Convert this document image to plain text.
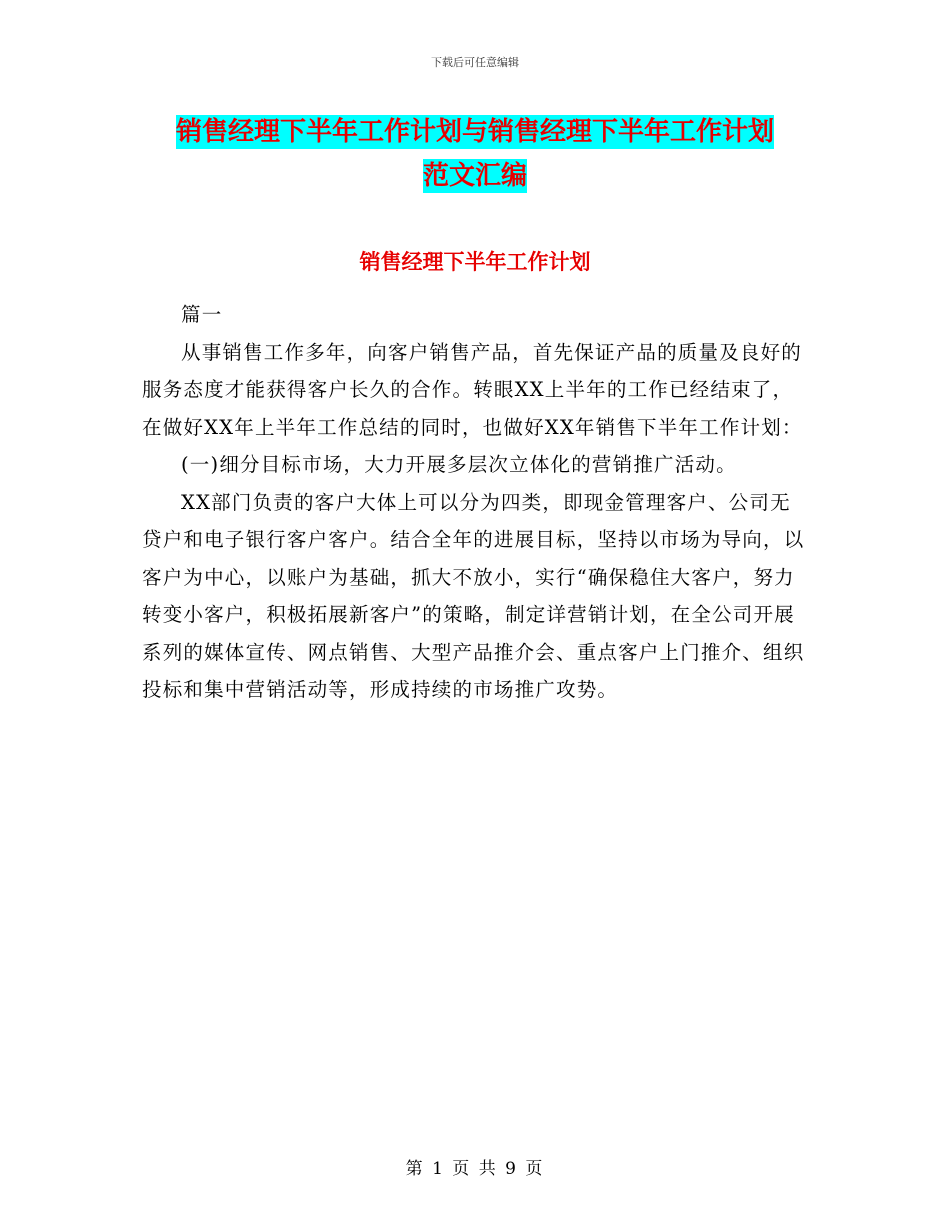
下载后可任意编辑
销售经理下半年工作计划与销售经理下半年工作计划
范文汇编
销售经理下半年工作计划

篇一

从事销售工作多年，向客户销售产品，首先保证产品的质量及良好的服务态度才能获得客户长久的合作。转眼XX上半年的工作已经结束了，在做好XX年上半年工作总结的同时，也做好XX年销售下半年工作计划：

(一)细分目标市场，大力开展多层次立体化的营销推广活动。

XX部门负责的客户大体上可以分为四类，即现金管理客户、公司无贷户和电子银行客户客户。结合全年的进展目标，坚持以市场为导向，以客户为中心，以账户为基础，抓大不放小，实行“确保稳住大客户，努力转变小客户，积极拓展新客户”的策略，制定详营销计划，在全公司开展系列的媒体宣传、网点销售、大型产品推介会、重点客户上门推介、组织投标和集中营销活动等，形成持续的市场推广攻势。

第 1 页 共 9 页
